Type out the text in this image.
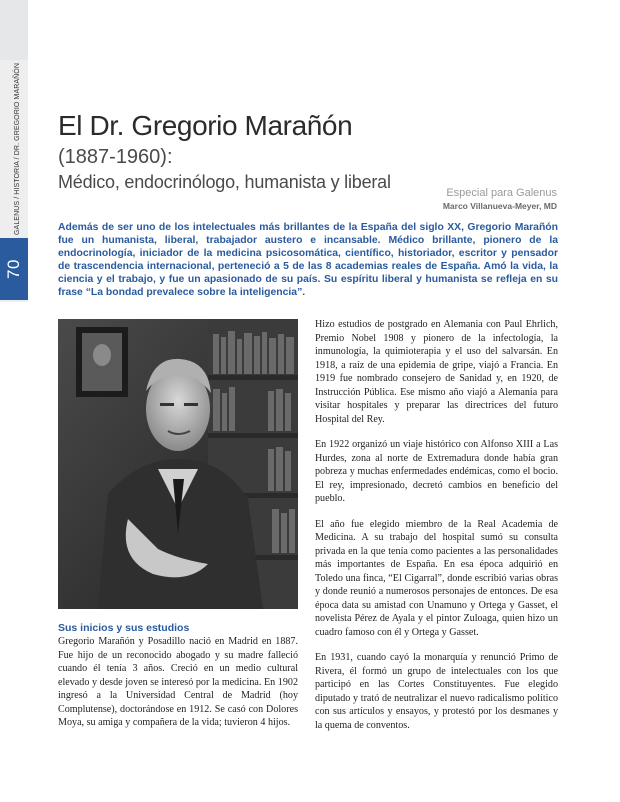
GALENUS / HISTORIA / DR. GREGORIO MARAÑÓN
70
El Dr. Gregorio Marañón
(1887-1960):
Médico, endocrinólogo, humanista y liberal
Especial para Galenus
Marco Villanueva-Meyer, MD

Además de ser uno de los intelectuales más brillantes de la España del siglo XX, Gregorio Marañón fue un humanista, liberal, trabajador austero e incansable. Médico brillante, pionero de la endocrinología, iniciador de la medicina psicosomática, científico, historiador, escritor y pensador de trascendencia internacional, perteneció a 5 de las 8 academias reales de España. Amó la vida, la ciencia y el trabajo, y fue un apasionado de su país. Su espíritu liberal y humanista se refleja en su frase “La bondad prevalece sobre la inteligencia”.

Sus inicios y sus estudios

Gregorio Marañón y Posadillo nació en Madrid en 1887. Fue hijo de un reconocido abogado y su madre falleció cuando él tenía 3 años. Creció en un medio cultural elevado y desde joven se interesó por la medicina. En 1902 ingresó a la Universidad Central de Madrid (hoy Complutense), doctorándose en 1912. Se casó con Dolores Moya, su amiga y compañera de la vida; tuvieron 4 hijos.

Hizo estudios de postgrado en Alemania con Paul Ehrlich, Premio Nobel 1908 y pionero de la infectología, la inmunología, la quimioterapia y el uso del salvarsán. En 1918, a raíz de una epidemia de gripe, viajó a Francia. En 1919 fue nombrado consejero de Sanidad y, en 1920, de Instrucción Pública. Ese mismo año viajó a Alemania para visitar hospitales y preparar las directrices del futuro Hospital del Rey.

En 1922 organizó un viaje histórico con Alfonso XIII a Las Hurdes, zona al norte de Extremadura donde había gran pobreza y muchas enfermedades endémicas, como el bocio. El rey, impresionado, decretó cambios en beneficio del pueblo.

El año fue elegido miembro de la Real Academia de Medicina. A su trabajo del hospital sumó su consulta privada en la que tenía como pacientes a las personalidades más importantes de España. En esa época adquirió en Toledo una finca, “El Cigarral”, donde escribió varias obras y donde reunió a numerosos personajes de entonces. De esa época data su amistad con Unamuno y Ortega y Gasset, el novelista Pérez de Ayala y el pintor Zuloaga, quien hizo un cuadro famoso con él y Ortega y Gasset.

En 1931, cuando cayó la monarquía y renunció Primo de Rivera, él formó un grupo de intelectuales con los que participó en las Cortes Constituyentes. Fue elegido diputado y trató de neutralizar el nuevo radicalismo político con sus artículos y ensayos, y protestó por los desmanes y la quema de conventos.
